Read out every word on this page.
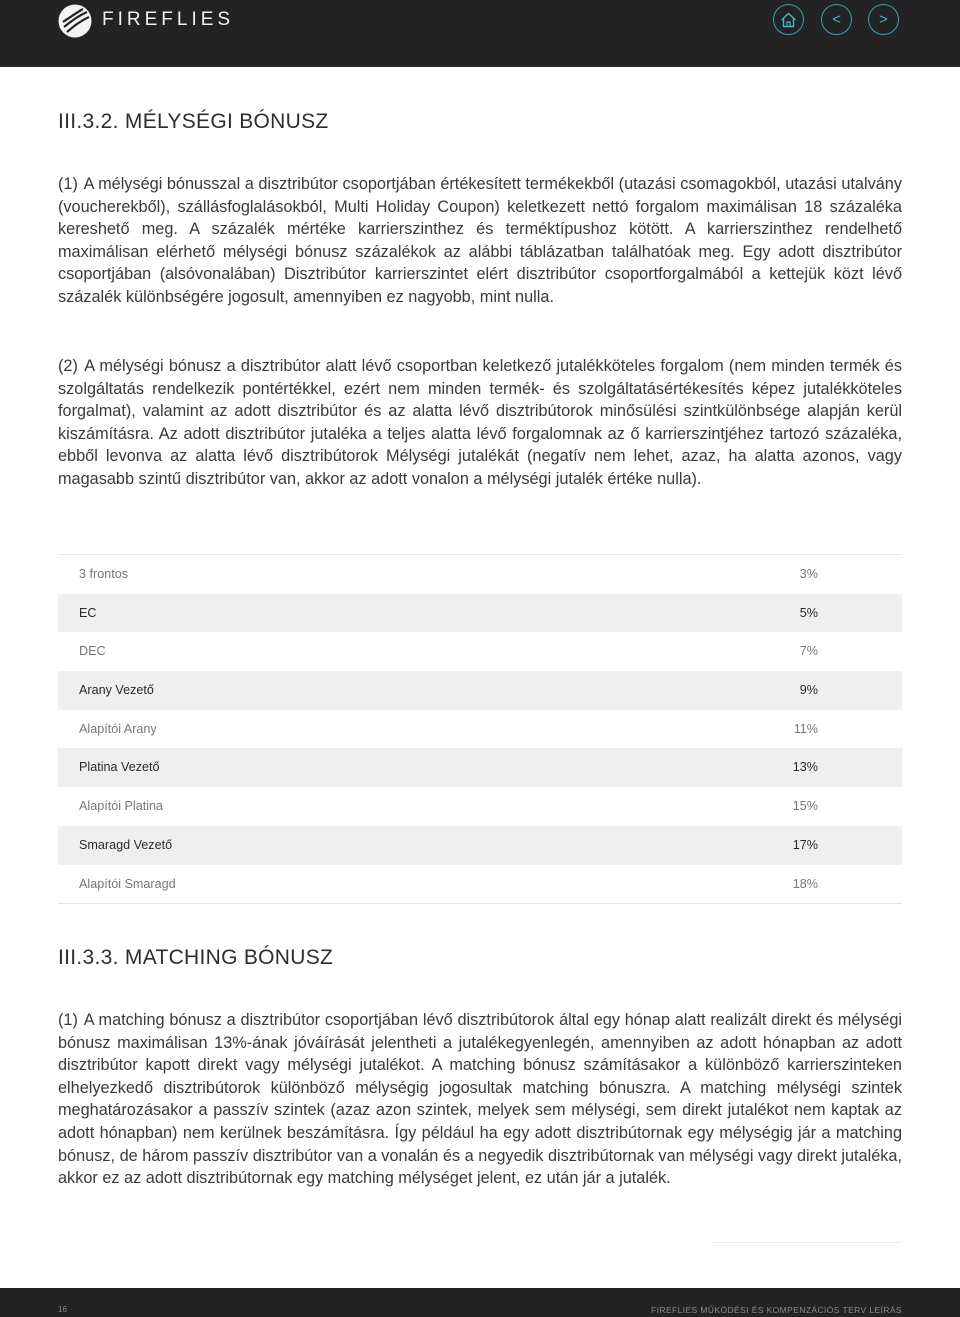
FIREFLIES	<	>
III.3.2. MÉLYSÉGI BÓNUSZ

(1) A mélységi bónusszal a disztribútor csoportjában értékesített termékekből (utazási csomagokból, utazási utalvány (voucherekből), szállásfoglalásokból, Multi Holiday Coupon) keletkezett nettó forgalom maximálisan 18 százaléka kereshető meg. A százalék mértéke karrierszinthez és terméktípushoz kötött. A karrierszinthez rendelhető maximálisan elérhető mélységi bónusz százalékok az alábbi táblázatban találhatóak meg. Egy adott disztribútor csoportjában (alsóvonalában) Disztribútor karrierszintet elért disztribútor csoportforgalmából a kettejük közt lévő százalék különbségére jogosult, amennyiben ez nagyobb, mint nulla.

(2) A mélységi bónusz a disztribútor alatt lévő csoportban keletkező jutalékköteles forgalom (nem minden termék és szolgáltatás rendelkezik pontértékkel, ezért nem minden termék- és szolgáltatásértékesítés képez jutalékköteles forgalmat), valamint az adott disztribútor és az alatta lévő disztribútorok minősülési szintkülönbsége alapján kerül kiszámításra. Az adott disztribútor jutaléka a teljes alatta lévő forgalomnak az ő karrierszintjéhez tartozó százaléka, ebből levonva az alatta lévő disztribútorok Mélységi jutalékát (negatív nem lehet, azaz, ha alatta azonos, vagy magasabb szintű disztribútor van, akkor az adott vonalon a mélységi jutalék értéke nulla).

3 frontos	3%
EC	5%
DEC	7%
Arany Vezető	9%
Alapítói Arany	11%
Platina Vezető	13%
Alapítói Platina	15%
Smaragd Vezető	17%
Alapítói Smaragd	18%
III.3.3. MATCHING BÓNUSZ

(1) A matching bónusz a disztribútor csoportjában lévő disztribútorok által egy hónap alatt realizált direkt és mélységi bónusz maximálisan 13%-ának jóváírását jelentheti a jutalékegyenlegén, amennyiben az adott hónapban az adott disztribútor kapott direkt vagy mélységi jutalékot. A matching bónusz számításakor a különböző karrierszinteken elhelyezkedő disztribútorok különböző mélységig jogosultak matching bónuszra. A matching mélységi szintek meghatározásakor a passzív szintek (azaz azon szintek, melyek sem mélységi, sem direkt jutalékot nem kaptak az adott hónapban) nem kerülnek beszámításra. Így például ha egy adott disztribútornak egy mélységig jár a matching bónusz, de három passzív disztribútor van a vonalán és a negyedik disztribútornak van mélységi vagy direkt jutaléka, akkor ez az adott disztribútornak egy matching mélységet jelent, ez után jár a jutalék.

16	FIREFLIES MŰKÖDÉSI ÉS KOMPENZÁCIÓS TERV LEÍRÁS
